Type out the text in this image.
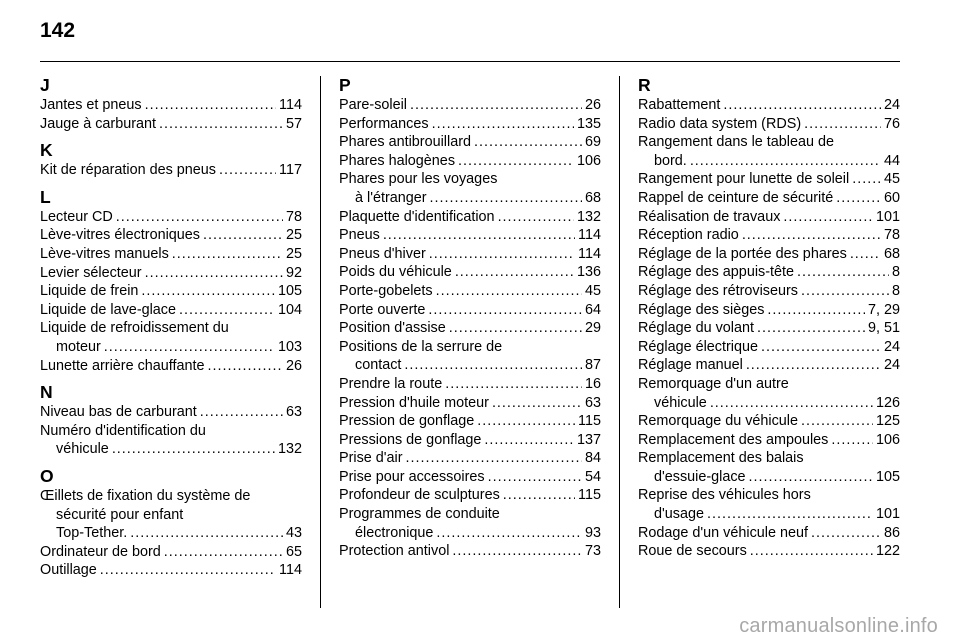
142
J
Jantes et pneus .....	114
Jauge à carburant .....	57
K
Kit de réparation des pneus .....	117
L
Lecteur CD .....	78
Lève-vitres électroniques .....	25
Lève-vitres manuels .....	25
Levier sélecteur .....	92
Liquide de frein .....	105
Liquide de lave-glace .....	104
Liquide de refroidissement du
moteur .....	103
Lunette arrière chauffante .....	26
N
Niveau bas de carburant .....	63
Numéro d'identification du
véhicule .....	132
O
Œillets de fixation du système de
sécurité pour enfant
Top-Tether. .....	43
Ordinateur de bord .....	65
Outillage .....	114
P
Pare-soleil .....	26
Performances .....	135
Phares antibrouillard .....	69
Phares halogènes .....	106
Phares pour les voyages
à l'étranger .....	68
Plaquette d'identification .....	132
Pneus .....	114
Pneus d'hiver .....	114
Poids du véhicule .....	136
Porte-gobelets .....	45
Porte ouverte .....	64
Position d'assise .....	29
Positions de la serrure de
contact .....	87
Prendre la route .....	16
Pression d'huile moteur .....	63
Pression de gonflage .....	115
Pressions de gonflage .....	137
Prise d'air .....	84
Prise pour accessoires .....	54
Profondeur de sculptures .....	115
Programmes de conduite
électronique .....	93
Protection antivol .....	73
R
Rabattement .....	24
Radio data system (RDS) .....	76
Rangement dans le tableau de
bord. .....	44
Rangement pour lunette de soleil ..... 45
Rappel de ceinture de sécurité .....	60
Réalisation de travaux .....	101
Réception radio .....	78
Réglage de la portée des phares .....	68
Réglage des appuis-tête .....	8
Réglage des rétroviseurs .....	8
Réglage des sièges .....	7, 29
Réglage du volant .....	9, 51
Réglage électrique .....	24
Réglage manuel .....	24
Remorquage d'un autre
véhicule .....	126
Remorquage du véhicule .....	125
Remplacement des ampoules .....	106
Remplacement des balais
d'essuie-glace .....	105
Reprise des véhicules hors
d'usage .....	101
Rodage d'un véhicule neuf .....	86
Roue de secours .....	122
carmanualsonline.info
